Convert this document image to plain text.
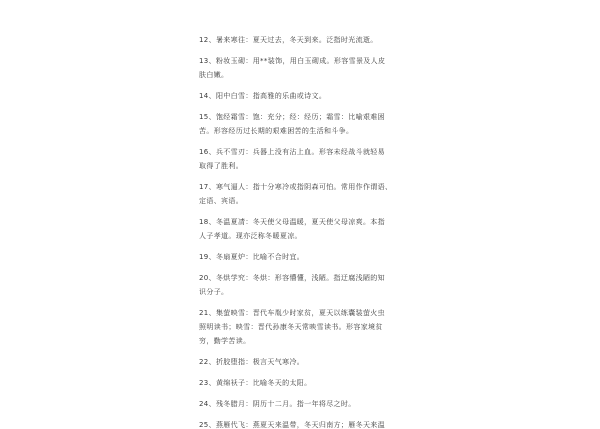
12、暑来寒往：夏天过去，冬天到来。泛指时光流逝。
13、粉妆玉砌：用**装饰，用白玉砌成。形容雪景及人皮
肤白嫩。
14、阳中白雪：指高雅的乐曲或诗文。
15、饱经霜雪：饱：充分；经：经历；霜雪：比喻艰难困
苦。形容经历过长期的艰难困苦的生活和斗争。
16、兵不雪刃：兵器上没有沾上血。形容未经战斗就轻易
取得了胜利。
17、寒气逼人：指十分寒冷或指阴森可怕。常用作作谓语、
定语、宾语。
18、冬温夏凊：冬天使父母温暖，夏天使父母凉爽。本指
人子孝道。现亦泛称冬暖夏凉。
19、冬扇夏炉：比喻不合时宜。
20、冬烘学究：冬烘：形容懵懂，浅陋。指迂腐浅陋的知
识分子。
21、集萤映雪：晋代车胤少时家贫，夏天以练囊装萤火虫
照明读书；映雪：晋代孙康冬天常映雪读书。形容家境贫
穷，勤学苦读。
22、折胶堕指：极言天气寒冷。
23、黄绵袄子：比喻冬天的太阳。
24、残冬腊月：阴历十二月。指一年将尽之时。
25、燕雁代飞：燕夏天来温带，冬天归南方；雁冬天来温
